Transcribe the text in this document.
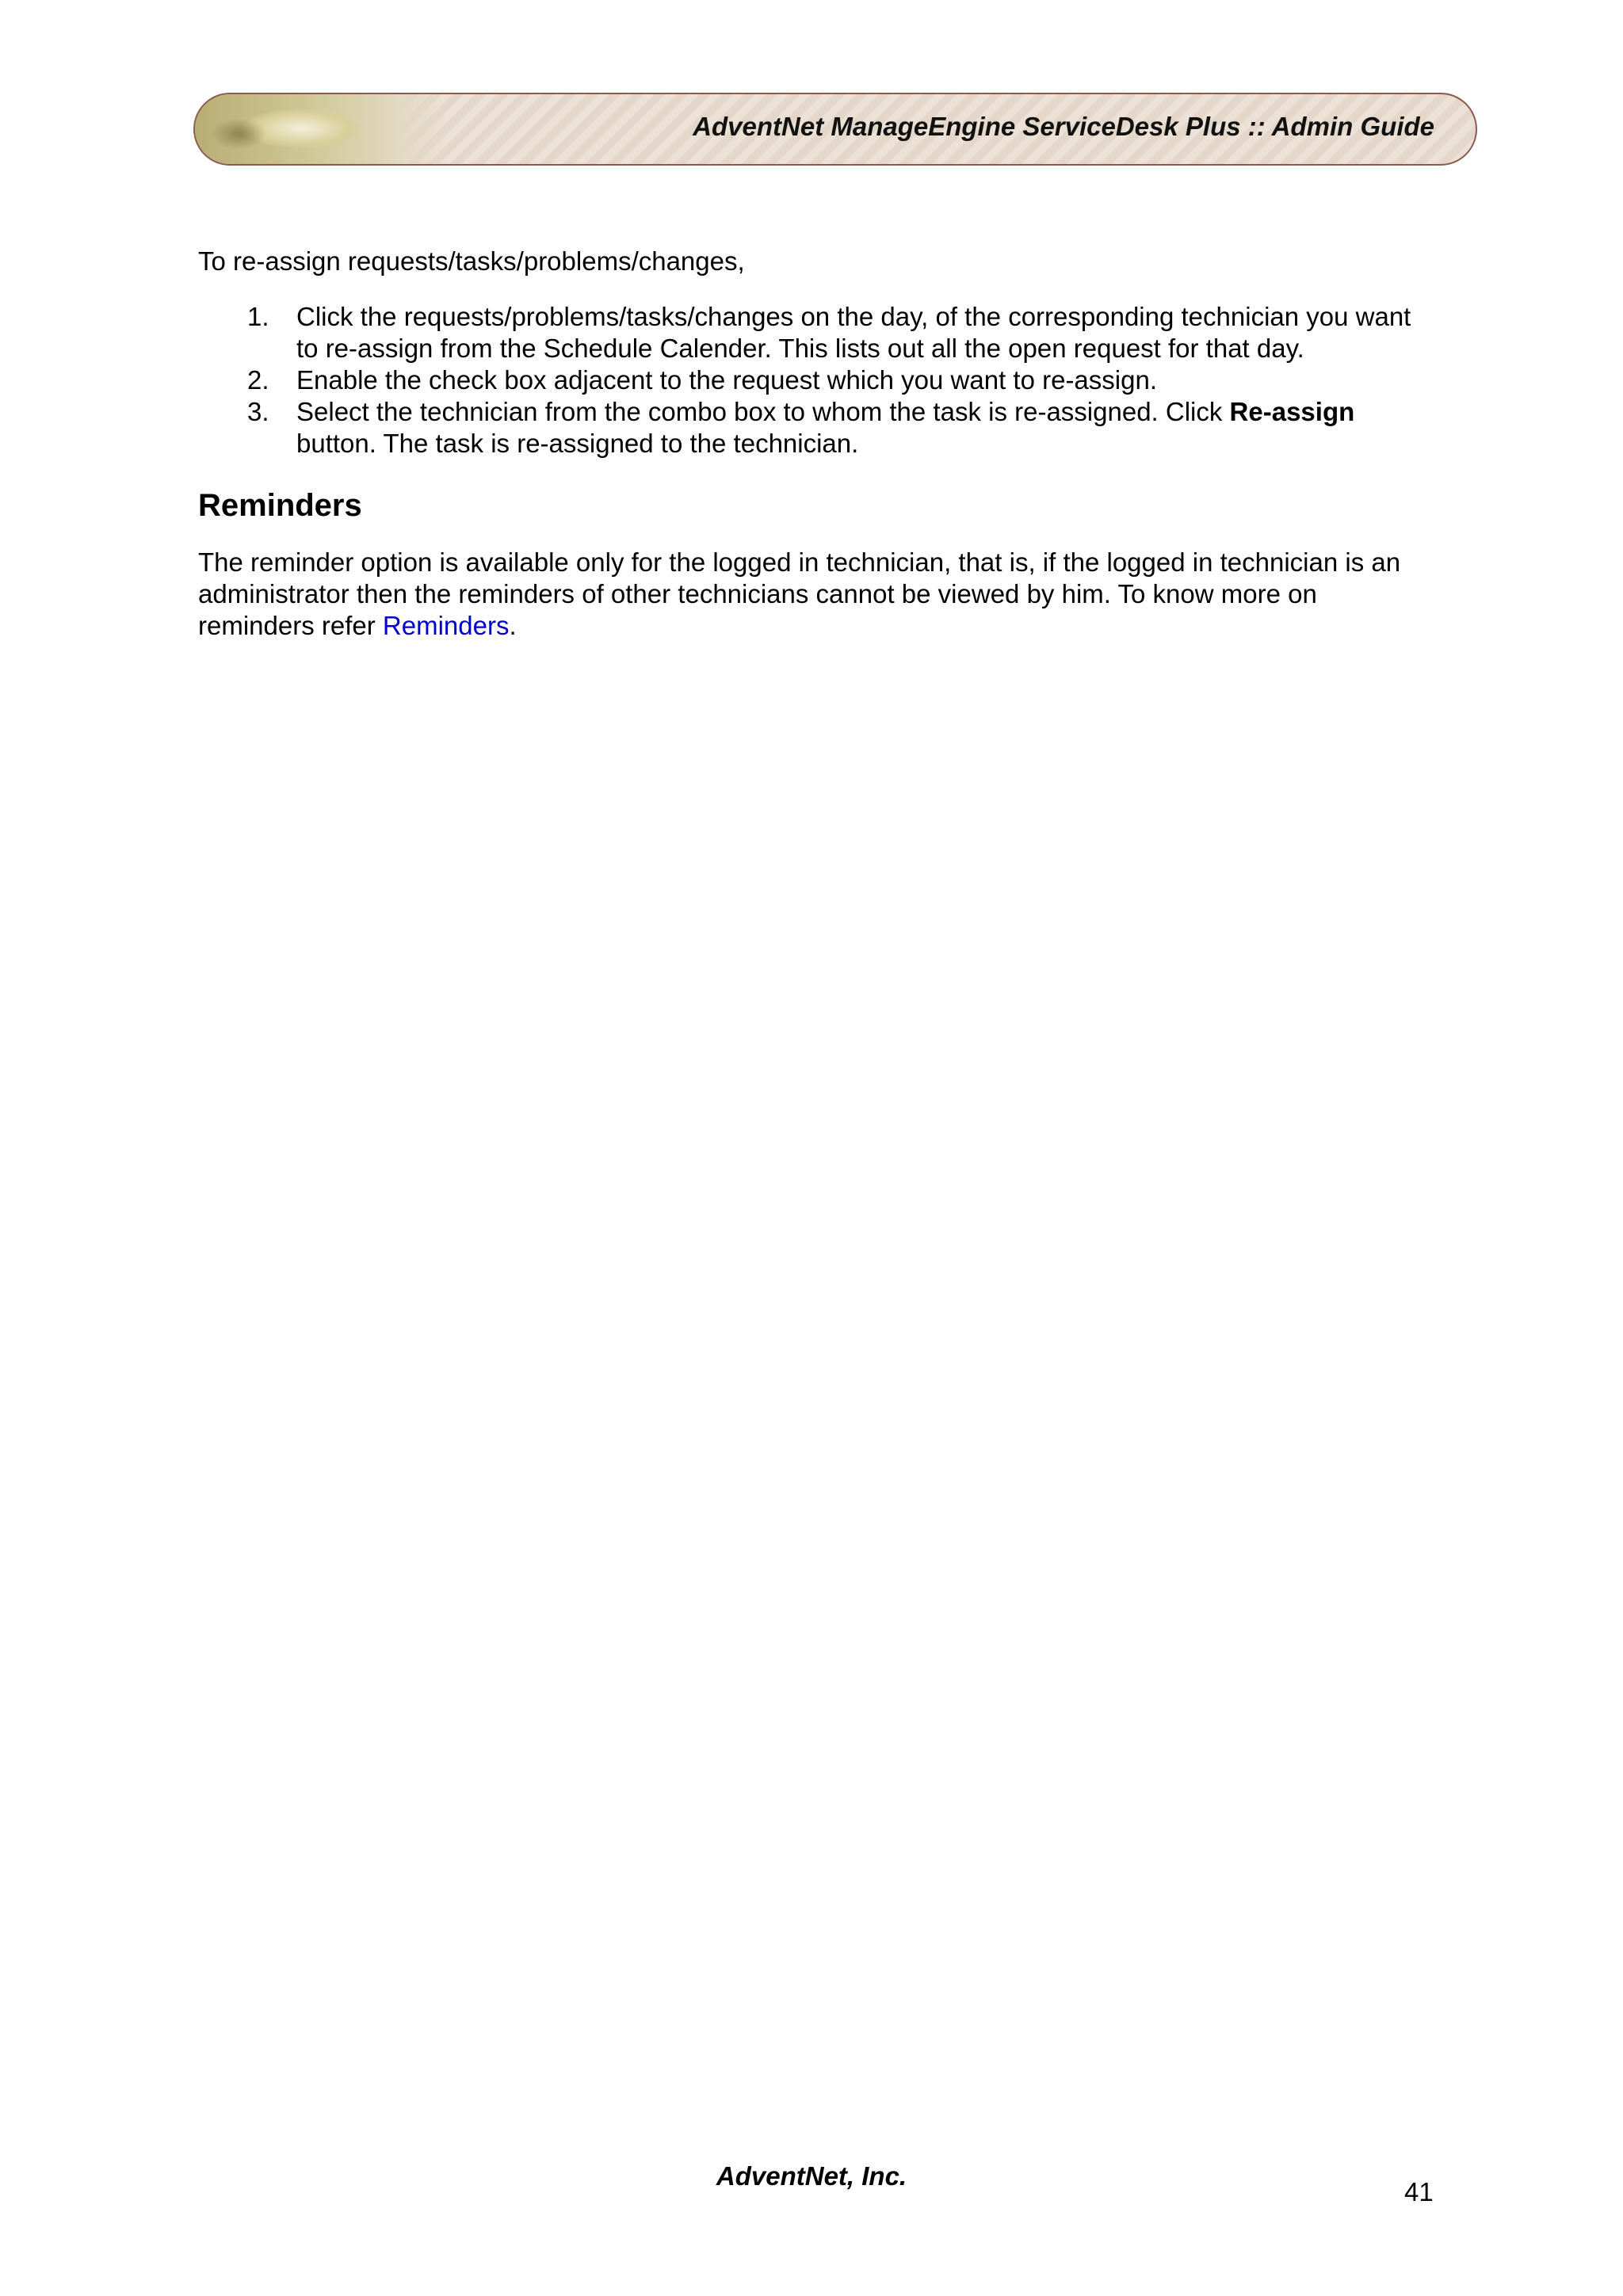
AdventNet ManageEngine ServiceDesk Plus :: Admin Guide

To re-assign requests/tasks/problems/changes,

1. Click the requests/problems/tasks/changes on the day, of the corresponding technician you want to re-assign from the Schedule Calender. This lists out all the open request for that day.
2. Enable the check box adjacent to the request which you want to re-assign.
3. Select the technician from the combo box to whom the task is re-assigned. Click Re-assign button. The task is re-assigned to the technician.
Reminders

The reminder option is available only for the logged in technician, that is, if the logged in technician is an administrator then the reminders of other technicians cannot be viewed by him. To know more on reminders refer Reminders.

AdventNet, Inc.
41
